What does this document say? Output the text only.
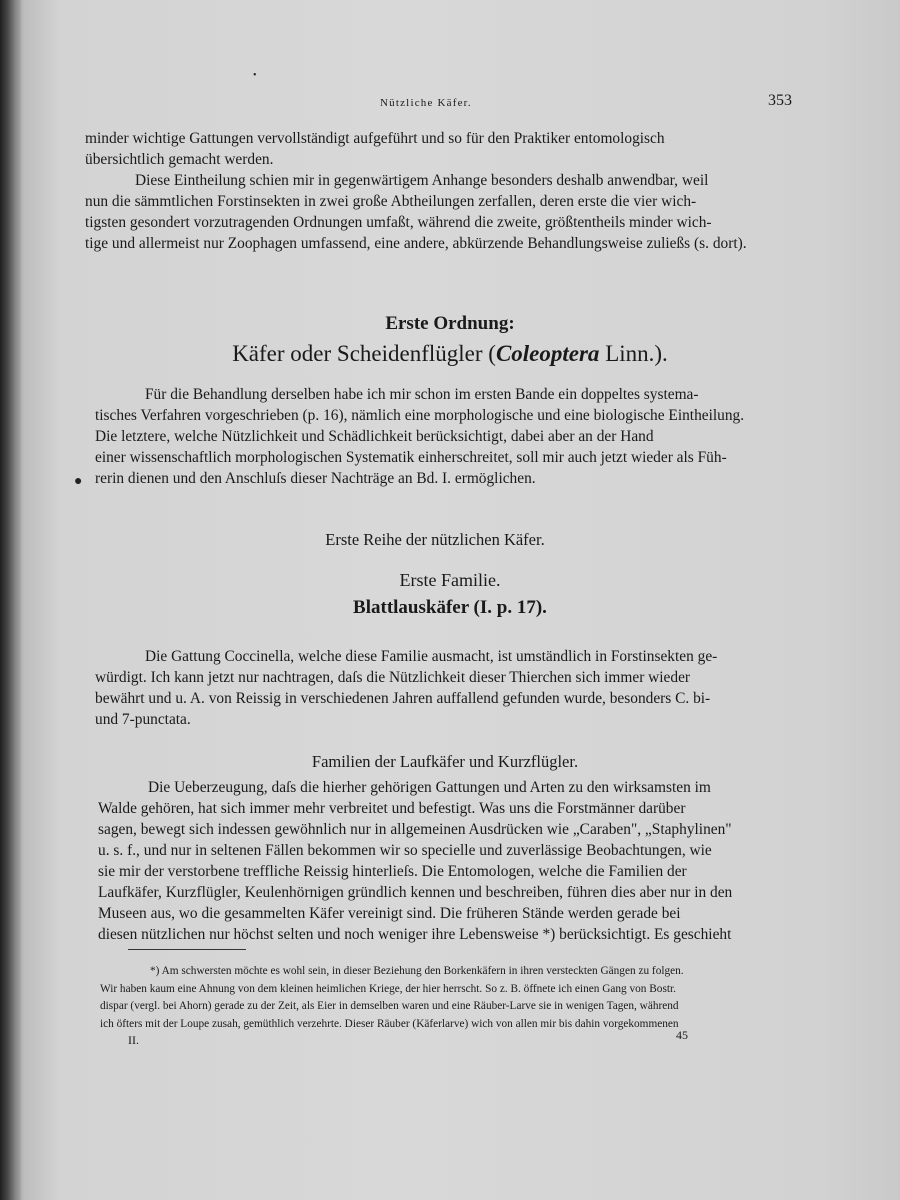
•
Nützliche Käfer.	353
minder wichtige Gattungen vervollständigt aufgeführt und so für den Praktiker entomologisch
übersichtlich gemacht werden.
Diese Eintheilung schien mir in gegenwärtigem Anhange besonders deshalb anwendbar, weil
nun die sämmtlichen Forstinsekten in zwei große Abtheilungen zerfallen, deren erste die vier wich-
tigsten gesondert vorzutragenden Ordnungen umfaßt, während die zweite, größtentheils minder wich-
tige und allermeist nur Zoophagen umfassend, eine andere, abkürzende Behandlungsweise zuließs (s. dort).
Erste Ordnung:
Käfer oder Scheidenflügler (Coleoptera Linn.).
Für die Behandlung derselben habe ich mir schon im ersten Bande ein doppeltes systema-
tisches Verfahren vorgeschrieben (p. 16), nämlich eine morphologische und eine biologische Eintheilung.
Die letztere, welche Nützlichkeit und Schädlichkeit berücksichtigt, dabei aber an der Hand
einer wissenschaftlich morphologischen Systematik einherschreitet, soll mir auch jetzt wieder als Füh-
rerin dienen und den Anschluſs dieser Nachträge an Bd. I. ermöglichen.
●
Erste Reihe der nützlichen Käfer.
Erste Familie.
Blattlauskäfer (I. p. 17).
Die Gattung Coccinella, welche diese Familie ausmacht, ist umständlich in Forstinsekten ge-
würdigt. Ich kann jetzt nur nachtragen, daſs die Nützlichkeit dieser Thierchen sich immer wieder
bewährt und u. A. von Reissig in verschiedenen Jahren auffallend gefunden wurde, besonders C. bi-
und 7-punctata.
Familien der Laufkäfer und Kurzflügler.
Die Ueberzeugung, daſs die hierher gehörigen Gattungen und Arten zu den wirksamsten im
Walde gehören, hat sich immer mehr verbreitet und befestigt. Was uns die Forstmänner darüber
sagen, bewegt sich indessen gewöhnlich nur in allgemeinen Ausdrücken wie „Caraben", „Staphylinen"
u. s. f., und nur in seltenen Fällen bekommen wir so specielle und zuverlässige Beobachtungen, wie
sie mir der verstorbene treffliche Reissig hinterlieſs. Die Entomologen, welche die Familien der
Laufkäfer, Kurzflügler, Keulenhörnigen gründlich kennen und beschreiben, führen dies aber nur in den
Museen aus, wo die gesammelten Käfer vereinigt sind. Die früheren Stände werden gerade bei
diesen nützlichen nur höchst selten und noch weniger ihre Lebensweise *) berücksichtigt. Es geschieht
*) Am schwersten möchte es wohl sein, in dieser Beziehung den Borkenkäfern in ihren versteckten Gängen zu folgen.
Wir haben kaum eine Ahnung von dem kleinen heimlichen Kriege, der hier herrscht. So z. B. öffnete ich einen Gang von Bostr.
dispar (vergl. bei Ahorn) gerade zu der Zeit, als Eier in demselben waren und eine Räuber-Larve sie in wenigen Tagen, während
ich öfters mit der Loupe zusah, gemüthlich verzehrte. Dieser Räuber (Käferlarve) wich von allen mir bis dahin vorgekommenen
II.	45
